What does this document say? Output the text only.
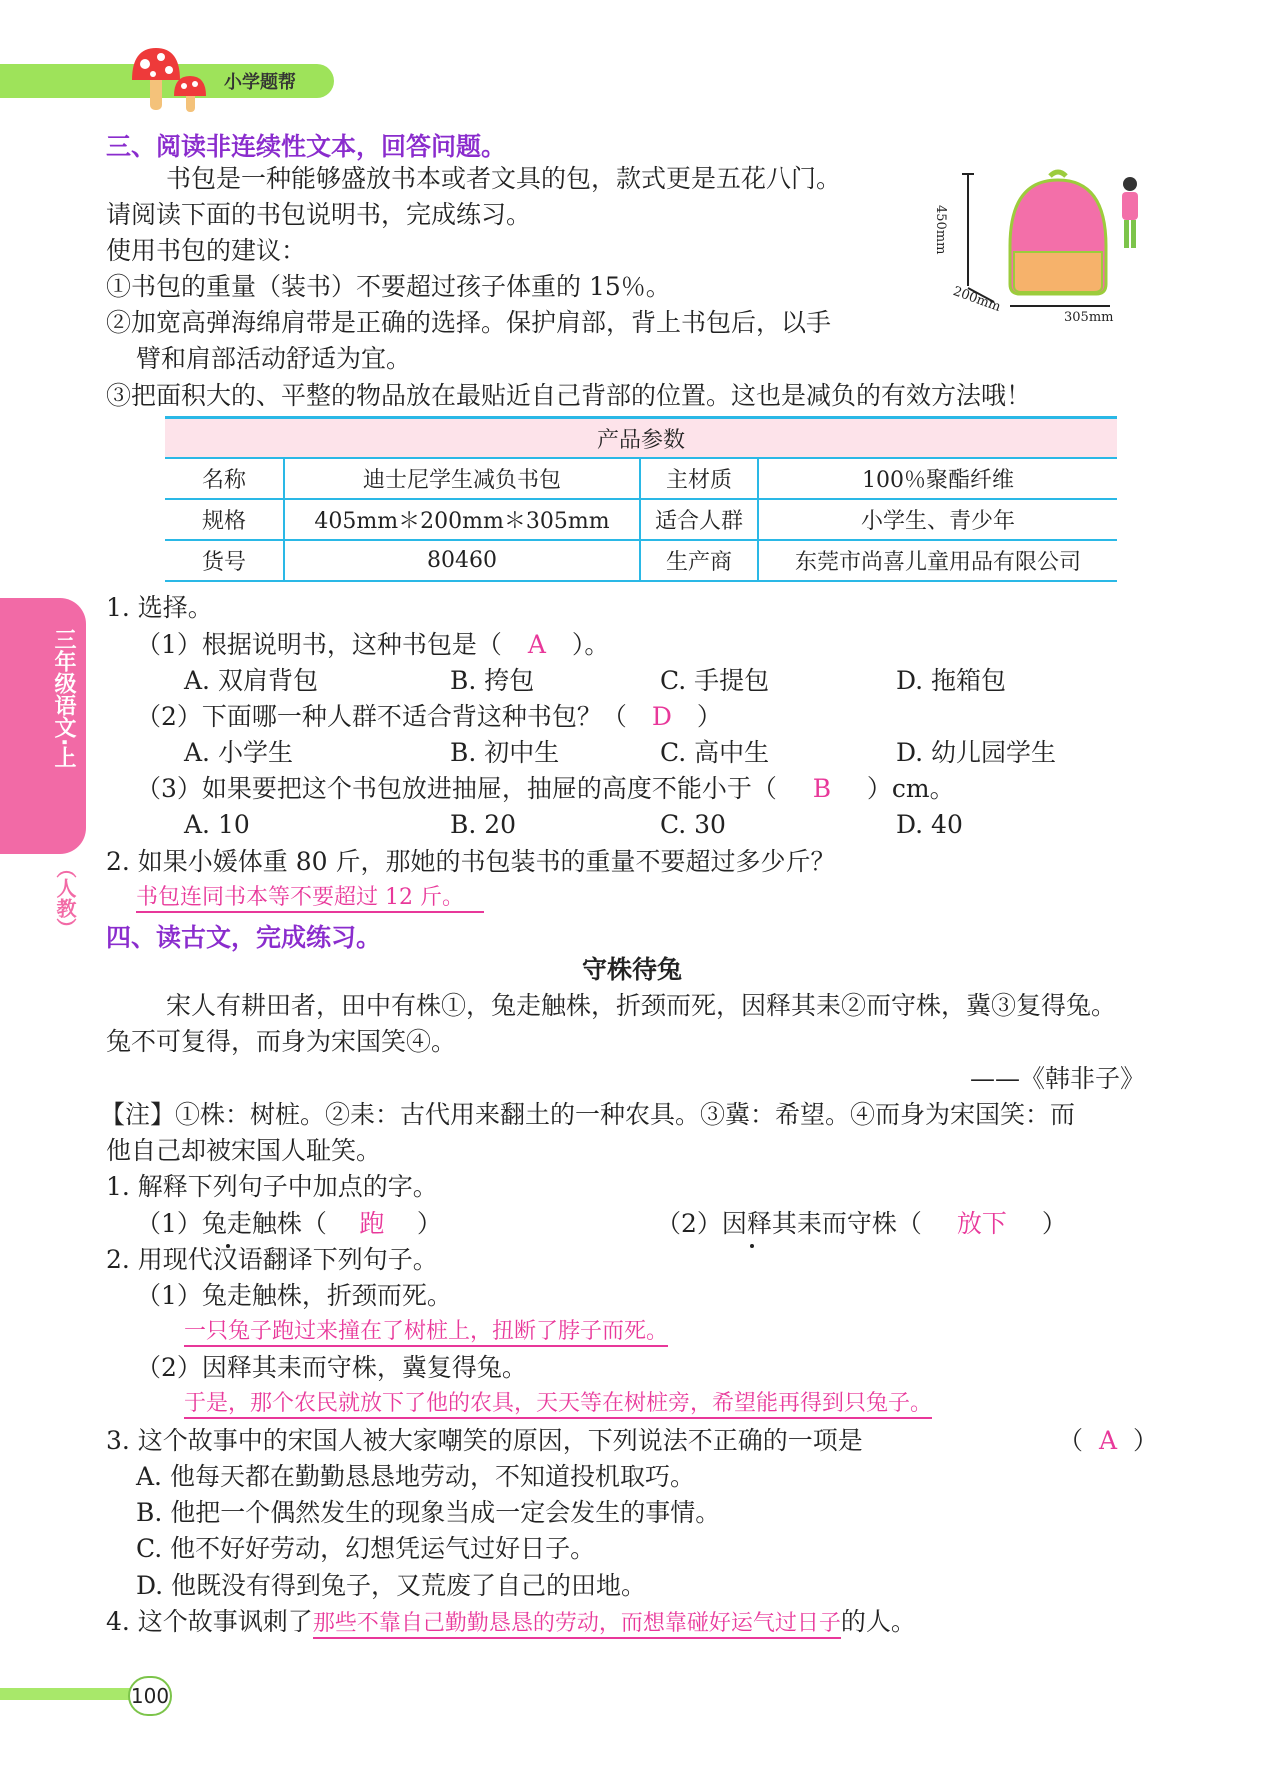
小学题帮
三年级语文·上
（人教）
三、阅读非连续性文本，回答问题。
书包是一种能够盛放书本或者文具的包，款式更是五花八门。
请阅读下面的书包说明书，完成练习。
使用书包的建议：
①书包的重量（装书）不要超过孩子体重的 15％。
②加宽高弹海绵肩带是正确的选择。保护肩部，背上书包后，以手
臂和肩部活动舒适为宜。
③把面积大的、平整的物品放在最贴近自己背部的位置。这也是减负的有效方法哦！
450mm
200mm
305mm
产品参数			
名称	迪士尼学生减负书包	主材质	100％聚酯纤维
规格	405mm＊200mm＊305mm	适合人群	小学生、青少年
货号	80460	生产商	东莞市尚喜儿童用品有限公司
1. 选择。
（1）根据说明书，这种书包是（ A ）。
A. 双肩背包	B. 挎包	C. 手提包	D. 拖箱包
（2）下面哪一种人群不适合背这种书包？（ D ）
A. 小学生	B. 初中生	C. 高中生	D. 幼儿园学生
（3）如果要把这个书包放进抽屉，抽屉的高度不能小于（ B ）cm。
A. 10	B. 20	C. 30	D. 40
2. 如果小媛体重 80 斤，那她的书包装书的重量不要超过多少斤？
书包连同书本等不要超过 12 斤。
四、读古文，完成练习。
守株待兔
宋人有耕田者，田中有株①，兔走触株，折颈而死，因释其耒②而守株，冀③复得兔。
兔不可复得，而身为宋国笑④。
——《韩非子》
【注】①株：树桩。②耒：古代用来翻土的一种农具。③冀：希望。④而身为宋国笑：而
他自己却被宋国人耻笑。
1. 解释下列句子中加点的字。
（1）兔走触株（ 跑 ）	（2）因释其耒而守株（ 放下 ）
2. 用现代汉语翻译下列句子。
（1）兔走触株，折颈而死。
一只兔子跑过来撞在了树桩上，扭断了脖子而死。
（2）因释其耒而守株，冀复得兔。
于是，那个农民就放下了他的农具，天天等在树桩旁，希望能再得到只兔子。
3. 这个故事中的宋国人被大家嘲笑的原因，下列说法不正确的一项是	（ A ）
A. 他每天都在勤勤恳恳地劳动，不知道投机取巧。
B. 他把一个偶然发生的现象当成一定会发生的事情。
C. 他不好好劳动，幻想凭运气过好日子。
D. 他既没有得到兔子，又荒废了自己的田地。
4. 这个故事讽刺了那些不靠自己勤勤恳恳的劳动，而想靠碰好运气过日子的人。
100
